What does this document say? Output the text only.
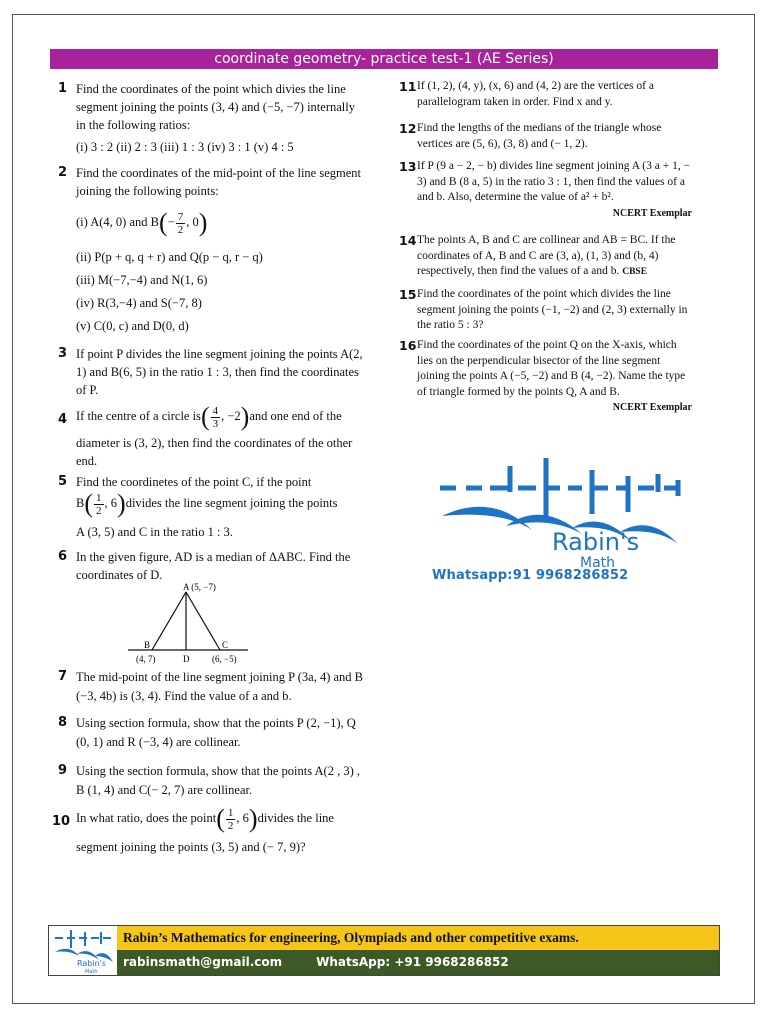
coordinate geometry- practice test-1 (AE Series)
1 Find the coordinates of the point which divies the line segment joining the points (3, 4) and (−5, −7) internally in the following ratios:

(i) 3 : 2 (ii) 2 : 3 (iii) 1 : 3 (iv) 3 : 1 (v) 4 : 5

2 Find the coordinates of the mid-point of the line segment joining the following points:

(i) A(4, 0) and $B(- \frac{7}{2}$ , 0)

(ii) P(p + q, q + r) and Q(p − q, r − q)

(iii) M(−7,−4) and N(1, 6)

(iv) R(3,−4) and S(−7, 8)

(v) C(0, c) and D(0, d)

3 If point P divides the line segment joining the points A(2, 1) and B(6, 5) in the ratio 1 : 3, then find the coordinates of P.

4 If the centre of a circle $is( \frac{4}{3}$ , −2)and one end of the

diameter is (3, 2), then find the coordinates of the other end.

5 Find the coordinetes of the point C, if the point

$B( \frac{1}{2}$ , 6)divides the line segment joining the points

A (3, 5) and C in the ratio 1 : 3.

6 In the given figure, AD is a median of ΔABC. Find the coordinates of D.

A (5, −7)
B
(4, 7)	D
C
(6, −5)
7 The mid-point of the line segment joining P (3a, 4) and B (−3, 4b) is (3, 4). Find the value of a and b.

8 Using section formula, show that the points P (2, −1), Q (0, 1) and R (−3, 4) are collinear.

9 Using the section formula, show that the points A(2 , 3) , B (1, 4) and C(− 2, 7) are collinear.

10 In what ratio, does the point( $\frac{1}{2}$ , 6)divides the line

segment joining the points (3, 5) and (− 7, 9)?

11 If (1, 2), (4, y), (x, 6) and (4, 2) are the vertices of a parallelogram taken in order. Find x and y.

12 Find the lengths of the medians of the triangle whose vertices are (5, 6), (3, 8) and (− 1, 2).

13 If P (9 a − 2, − b) divides line segment joining A (3 a + 1, − 3) and B (8 a, 5) in the ratio 3 : 1, then find the values of a and b. Also, determine the value of a² + b².
NCERT Exemplar

14 The points A, B and C are collinear and AB = BC. If the coordinates of A, B and C are (3, a), (1, 3) and (b, 4) respectively, then find the values of a and b. CBSE

15 Find the coordinates of the point which divides the line segment joining the points (−1, −2) and (2, 3) externally in the ratio 5 : 3?

16 Find the coordinates of the point Q on the X-axis, which lies on the perpendicular bisector of the line segment joining the points A (−5, −2) and B (4, −2). Name the type of triangle formed by the points Q, A and B.
NCERT Exemplar

Rabin's
Math
Whatsapp:91 9968286852
Rabin's
Math
Rabin’s Mathematics for engineering, Olympiads and other competitive exams.
rabinsmath@gmail.com	WhatsApp: +91 9968286852
